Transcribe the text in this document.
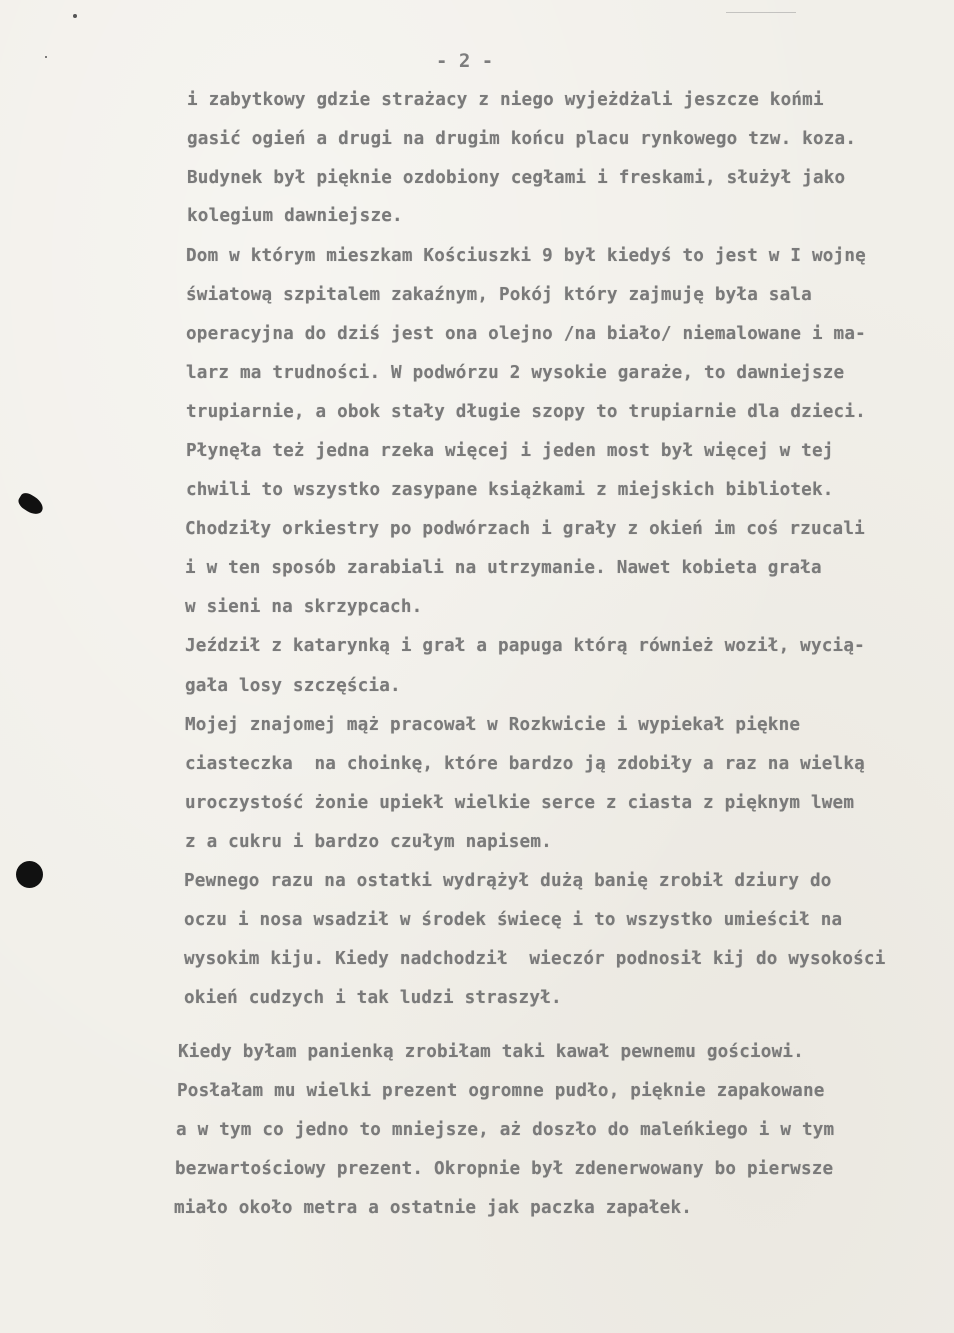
- 2 -
i zabytkowy gdzie strażacy z niego wyjeżdżali jeszcze końmi
gasić ogień a drugi na drugim końcu placu rynkowego tzw. koza.
Budynek był pięknie ozdobiony cegłami i freskami, służył jako
kolegium dawniejsze.
Dom w którym mieszkam Kościuszki 9 był kiedyś to jest w I wojnę
światową szpitalem zakaźnym, Pokój który zajmuję była sala
operacyjna do dziś jest ona olejno /na biało/ niemalowane i ma-
larz ma trudności. W podwórzu 2 wysokie garaże, to dawniejsze
trupiarnie, a obok stały długie szopy to trupiarnie dla dzieci.
Płynęła też jedna rzeka więcej i jeden most był więcej w tej
chwili to wszystko zasypane książkami z miejskich bibliotek.
Chodziły orkiestry po podwórzach i grały z okień im coś rzucali
i w ten sposób zarabiali na utrzymanie. Nawet kobieta grała
w sieni na skrzypcach.
Jeździł z katarynką i grał a papuga którą również woził, wycią-
gała losy szczęścia.
Mojej znajomej mąż pracował w Rozkwicie i wypiekał piękne
ciasteczka  na choinkę, które bardzo ją zdobiły a raz na wielką
uroczystość żonie upiekł wielkie serce z ciasta z pięknym lwem
z a cukru i bardzo czułym napisem.
Pewnego razu na ostatki wydrążył dużą banię zrobił dziury do
oczu i nosa wsadził w środek świecę i to wszystko umieścił na
wysokim kiju. Kiedy nadchodził  wieczór podnosił kij do wysokości
okień cudzych i tak ludzi straszył.
Kiedy byłam panienką zrobiłam taki kawał pewnemu gościowi.
Posłałam mu wielki prezent ogromne pudło, pięknie zapakowane
a w tym co jedno to mniejsze, aż doszło do maleńkiego i w tym
bezwartościowy prezent. Okropnie był zdenerwowany bo pierwsze
miało około metra a ostatnie jak paczka zapałek.
